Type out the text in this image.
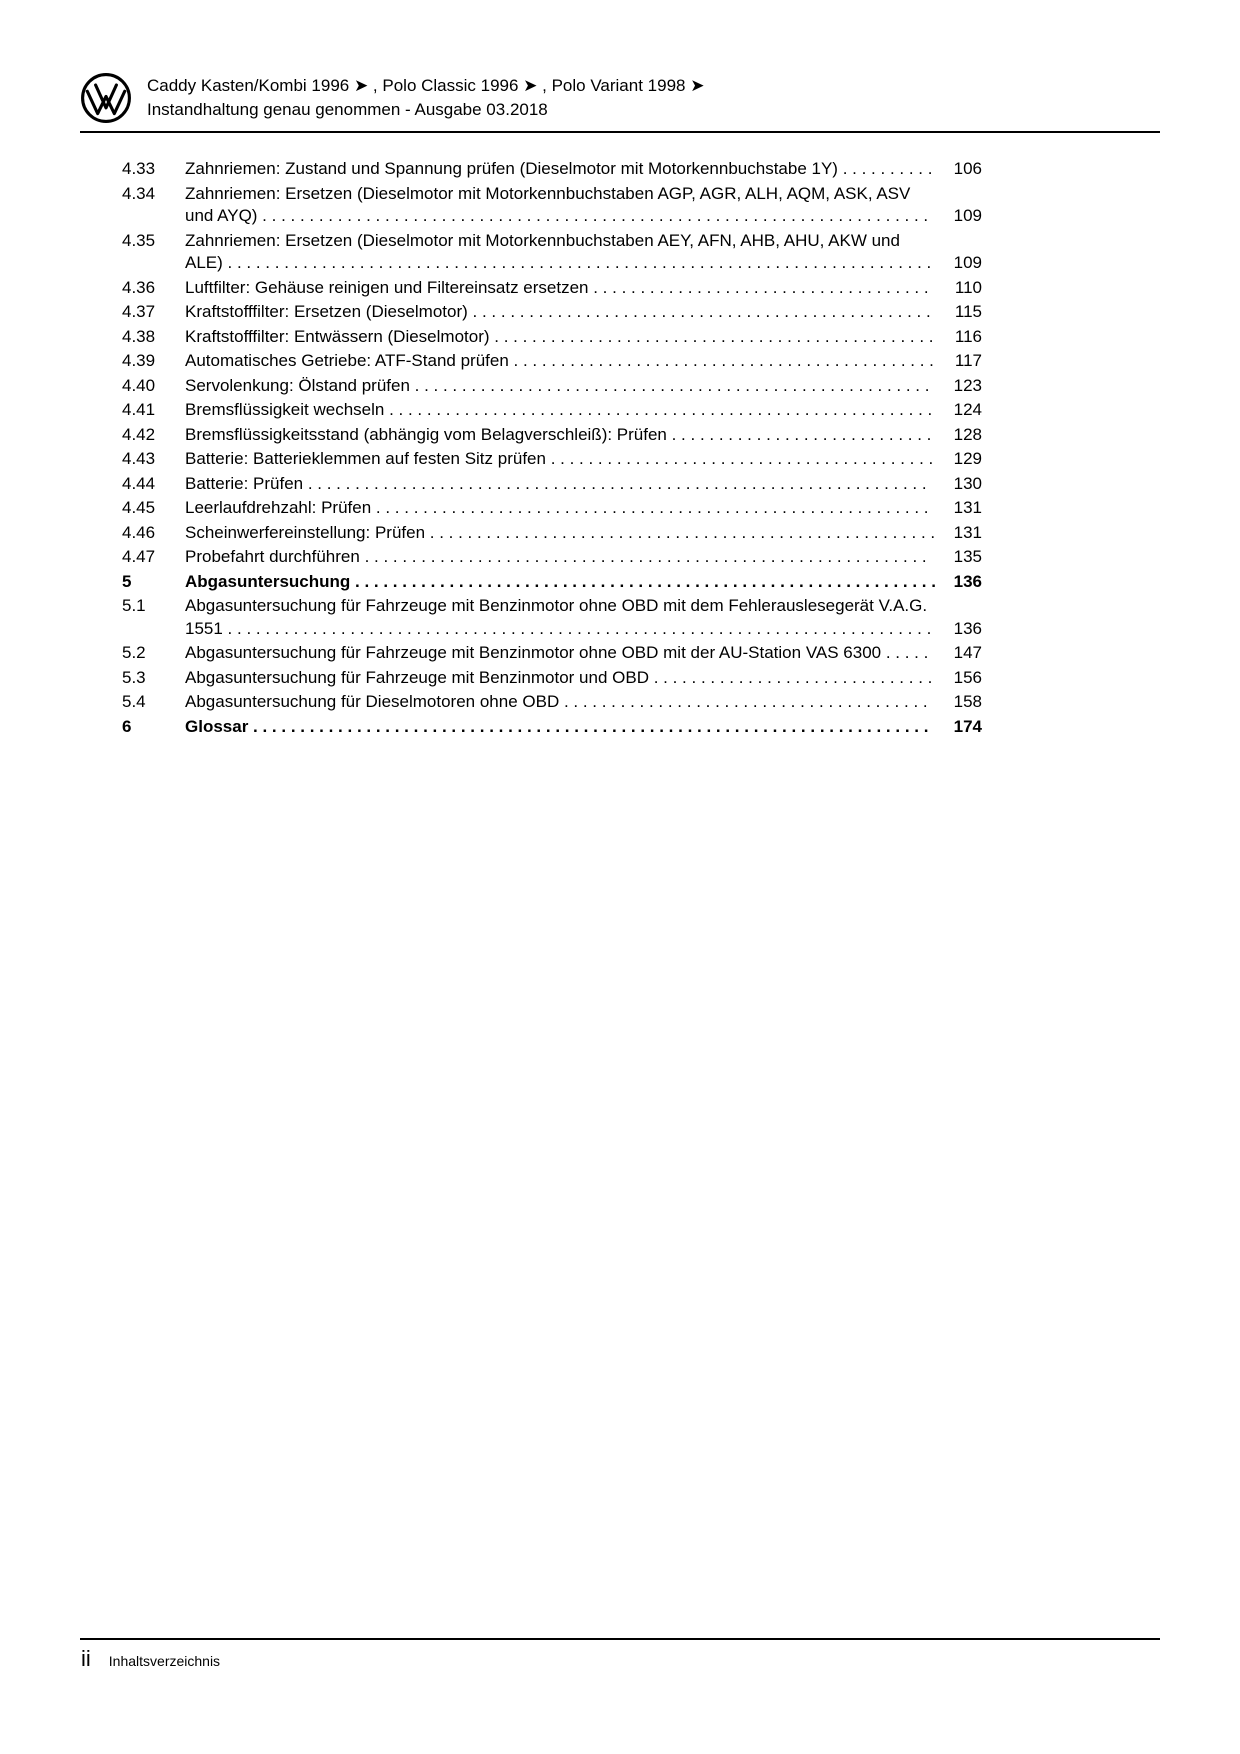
Caddy Kasten/Kombi 1996 ➤ , Polo Classic 1996 ➤ , Polo Variant 1998 ➤
Instandhaltung genau genommen - Ausgabe 03.2018
4.33	Zahnriemen: Zustand und Spannung prüfen (Dieselmotor mit Motorkennbuchstabe 1Y) . . . . . . . . . . 106
4.34	Zahnriemen: Ersetzen (Dieselmotor mit Motorkennbuchstaben AGP, AGR, ALH, AQM, ASK, ASV und AYQ) . . . . . . . . . . . . . . . . . . . . . . . . . . . . . . . . . . . . . . . . . . . . . . . . . . . . . . . . . . . . . . . . . . . . . . . 109
4.35	Zahnriemen: Ersetzen (Dieselmotor mit Motorkennbuchstaben AEY, AFN, AHB, AHU, AKW und ALE) . . . . . . . . . . . . . . . . . . . . . . . . . . . . . . . . . . . . . . . . . . . . . . . . . . . . . . . . . . . . . . . . . . . . . . . . . . . 109
4.36	Luftfilter: Gehäuse reinigen und Filtereinsatz ersetzen . . . . . . . . . . . . . . . . . . . . . . . . . . . . . . . . . . . . 110
4.37	Kraftstofffilter: Ersetzen (Dieselmotor) . . . . . . . . . . . . . . . . . . . . . . . . . . . . . . . . . . . . . . . . . . . . . . . . . 115
4.38	Kraftstofffilter: Entwässern (Dieselmotor) . . . . . . . . . . . . . . . . . . . . . . . . . . . . . . . . . . . . . . . . . . . . . . . 116
4.39	Automatisches Getriebe: ATF-Stand prüfen . . . . . . . . . . . . . . . . . . . . . . . . . . . . . . . . . . . . . . . . . . . . . 117
4.40	Servolenkung: Ölstand prüfen . . . . . . . . . . . . . . . . . . . . . . . . . . . . . . . . . . . . . . . . . . . . . . . . . . . . . . . 123
4.41	Bremsflüssigkeit wechseln . . . . . . . . . . . . . . . . . . . . . . . . . . . . . . . . . . . . . . . . . . . . . . . . . . . . . . . . . . 124
4.42	Bremsflüssigkeitsstand (abhängig vom Belagverschleiß): Prüfen . . . . . . . . . . . . . . . . . . . . . . . . . . . . 128
4.43	Batterie: Batterieklemmen auf festen Sitz prüfen . . . . . . . . . . . . . . . . . . . . . . . . . . . . . . . . . . . . . . . . . 129
4.44	Batterie: Prüfen . . . . . . . . . . . . . . . . . . . . . . . . . . . . . . . . . . . . . . . . . . . . . . . . . . . . . . . . . . . . . . . . . . 130
4.45	Leerlaufdrehzahl: Prüfen . . . . . . . . . . . . . . . . . . . . . . . . . . . . . . . . . . . . . . . . . . . . . . . . . . . . . . . . . . . 131
4.46	Scheinwerfereinstellung: Prüfen . . . . . . . . . . . . . . . . . . . . . . . . . . . . . . . . . . . . . . . . . . . . . . . . . . . . . . 131
4.47	Probefahrt durchführen . . . . . . . . . . . . . . . . . . . . . . . . . . . . . . . . . . . . . . . . . . . . . . . . . . . . . . . . . . . . 135
5	Abgasuntersuchung . . . . . . . . . . . . . . . . . . . . . . . . . . . . . . . . . . . . . . . . . . . . . . . . . . . . . . . . . . . . . . 136
5.1	Abgasuntersuchung für Fahrzeuge mit Benzinmotor ohne OBD mit dem Fehlerauslesegerät V.A.G. 1551 . . . . . . . . . . . . . . . . . . . . . . . . . . . . . . . . . . . . . . . . . . . . . . . . . . . . . . . . . . . . . . . . . . . . . . . . . . . 136
5.2	Abgasuntersuchung für Fahrzeuge mit Benzinmotor ohne OBD mit der AU-Station VAS 6300 . . . . . 147
5.3	Abgasuntersuchung für Fahrzeuge mit Benzinmotor und OBD . . . . . . . . . . . . . . . . . . . . . . . . . . . . . . 156
5.4	Abgasuntersuchung für Dieselmotoren ohne OBD . . . . . . . . . . . . . . . . . . . . . . . . . . . . . . . . . . . . . . . 158
6	Glossar . . . . . . . . . . . . . . . . . . . . . . . . . . . . . . . . . . . . . . . . . . . . . . . . . . . . . . . . . . . . . . . . . . . . . . . . 174
ii Inhaltsverzeichnis
